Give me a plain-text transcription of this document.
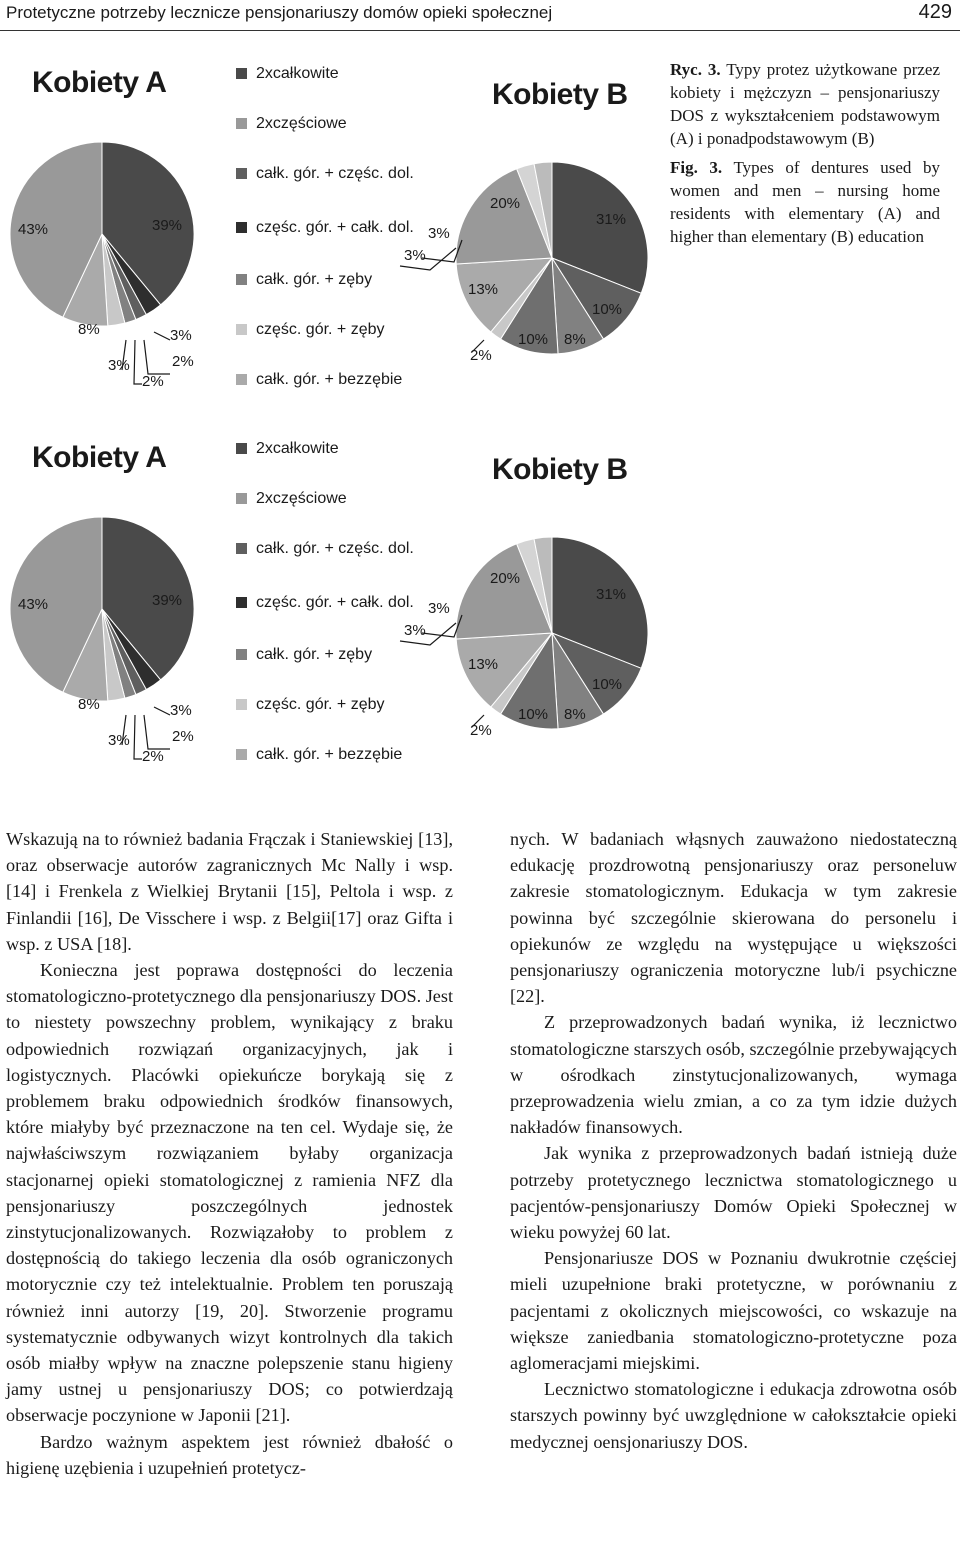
Protetyczne potrzeby lecznicze pensjonariuszy domów opieki społecznej	429
Kobiety A	Kobiety B
39%
3%
2%
2%
3%
8%
43%
31%
10%
8%
10%
2%
13%
20%
3%
3%
2xcałkowite
2xczęściowe
całk. gór. + częśc. dol.
częśc. gór. + całk. dol.
całk. gór. + zęby
częśc. gór. + zęby
całk. gór. + bezzębie
Kobiety A	Kobiety B
39%
3%
2%
2%
3%
8%
43%
31%
10%
8%
10%
2%
13%
20%
3%
3%
2xcałkowite
2xczęściowe
całk. gór. + częśc. dol.
częśc. gór. + całk. dol.
całk. gór. + zęby
częśc. gór. + zęby
całk. gór. + bezzębie
Ryc. 3. Typy protez użytkowane przez kobiety i mężczyzn – pensjonariuszy DOS z wykształceniem podstawowym (A) i ponadpodstawowym (B)
Fig. 3. Types of dentures used by women and men – nursing home residents with elementary (A) and higher than elementary (B) education

Wskazują na to również badania Frączak i Staniewskiej [13], oraz obserwacje autorów zagranicznych Mc Nally i wsp. [14] i Frenkela z Wielkiej Brytanii [15], Peltola i wsp. z Finlandii [16], De Visschere i wsp. z Belgii[17] oraz Gifta i wsp. z USA [18].

Konieczna jest poprawa dostępności do leczenia stomatologiczno-protetycznego dla pensjonariuszy DOS. Jest to niestety powszechny problem, wynikający z braku odpowiednich rozwiązań organizacyjnych, jak i logistycznych. Placówki opiekuńcze borykają się z problemem braku odpowiednich środków finansowych, które miałyby być przeznaczone na ten cel. Wydaje się, że najwłaściwszym rozwiązaniem byłaby organizacja stacjonarnej opieki stomatologicznej z ramienia NFZ dla pensjonariuszy poszczególnych jednostek zinstytucjonalizowanych. Rozwiązałoby to problem z dostępnością do takiego leczenia dla osób ograniczonych motorycznie czy też intelektualnie. Problem ten poruszają również inni autorzy [19, 20]. Stworzenie programu systematycznie odbywanych wizyt kontrolnych dla takich osób miałby wpływ na znaczne polepszenie stanu higieny jamy ustnej u pensjonariuszy DOS; co potwierdzają obserwacje poczynione w Japonii [21].

Bardzo ważnym aspektem jest również dbałość o higienę uzębienia i uzupełnień protetycz-

nych. W badaniach włąsnych zauważono niedostateczną edukację prozdrowotną pensjonariuszy oraz personeluw zakresie stomatologicznym. Edukacja w tym zakresie powinna być szczególnie skierowana do personelu i opiekunów ze względu na występujące u większości pensjonariuszy ograniczenia motoryczne lub/i psychiczne [22].

Z przeprowadzonych badań wynika, iż lecznictwo stomatologiczne starszych osób, szczególnie przebywających w ośrodkach zinstytucjonalizowanych, wymaga przeprowadzenia wielu zmian, a co za tym idzie dużych nakładów finansowych.

Jak wynika z przeprowadzonych badań istnieją duże potrzeby protetycznego lecznictwa stomatologicznego u pacjentów-pensjonariuszy Domów Opieki Społecznej w wieku powyżej 60 lat.

Pensjonariusze DOS w Poznaniu dwukrotnie częściej mieli uzupełnione braki protetyczne, w porównaniu z pacjentami z okolicznych miejscowości, co wskazuje na większe zaniedbania stomatologiczno-protetyczne poza aglomeracjami miejskimi.

Lecznictwo stomatologiczne i edukacja zdrowotna osób starszych powinny być uwzględnione w całokształcie opieki medycznej oensjonariuszy DOS.
